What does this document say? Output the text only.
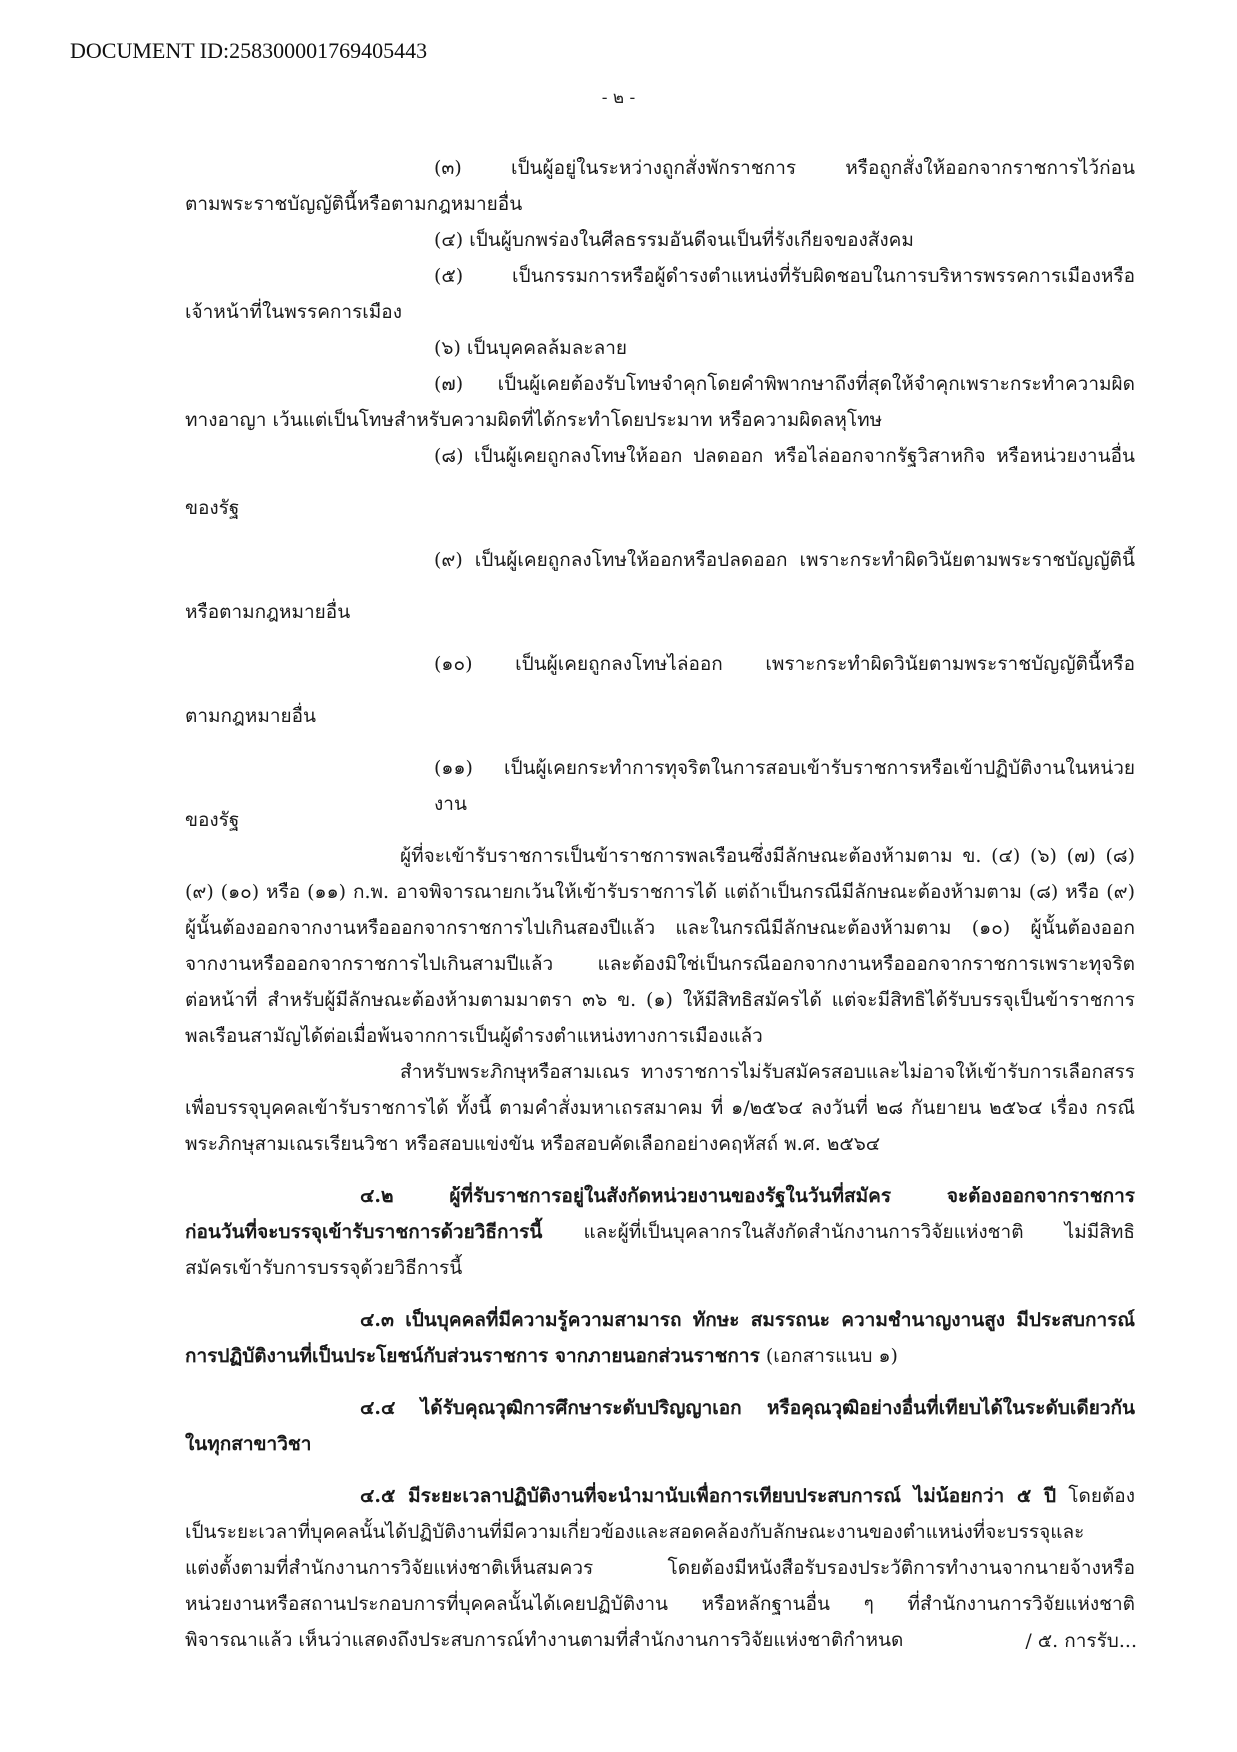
DOCUMENT ID:258300001769405443
- ๒ -
(๓) เป็นผู้อยู่ในระหว่างถูกสั่งพักราชการ หรือถูกสั่งให้ออกจากราชการไว้ก่อน
ตามพระราชบัญญัตินี้หรือตามกฎหมายอื่น
(๔) เป็นผู้บกพร่องในศีลธรรมอันดีจนเป็นที่รังเกียจของสังคม
(๕) เป็นกรรมการหรือผู้ดำรงตำแหน่งที่รับผิดชอบในการบริหารพรรคการเมืองหรือ
เจ้าหน้าที่ในพรรคการเมือง
(๖) เป็นบุคคลล้มละลาย
(๗) เป็นผู้เคยต้องรับโทษจำคุกโดยคำพิพากษาถึงที่สุดให้จำคุกเพราะกระทำความผิด
ทางอาญา เว้นแต่เป็นโทษสำหรับความผิดที่ได้กระทำโดยประมาท หรือความผิดลหุโทษ
(๘) เป็นผู้เคยถูกลงโทษให้ออก ปลดออก หรือไล่ออกจากรัฐวิสาหกิจ หรือหน่วยงานอื่น
ของรัฐ
(๙) เป็นผู้เคยถูกลงโทษให้ออกหรือปลดออก เพราะกระทำผิดวินัยตามพระราชบัญญัตินี้
หรือตามกฎหมายอื่น
(๑๐) เป็นผู้เคยถูกลงโทษไล่ออก เพราะกระทำผิดวินัยตามพระราชบัญญัตินี้หรือ
ตามกฎหมายอื่น
(๑๑) เป็นผู้เคยกระทำการทุจริตในการสอบเข้ารับราชการหรือเข้าปฏิบัติงานในหน่วยงาน
ของรัฐ
ผู้ที่จะเข้ารับราชการเป็นข้าราชการพลเรือนซึ่งมีลักษณะต้องห้ามตาม ข. (๔) (๖) (๗) (๘)
(๙) (๑๐) หรือ (๑๑) ก.พ. อาจพิจารณายกเว้นให้เข้ารับราชการได้ แต่ถ้าเป็นกรณีมีลักษณะต้องห้ามตาม (๘) หรือ (๙)
ผู้นั้นต้องออกจากงานหรือออกจากราชการไปเกินสองปีแล้ว และในกรณีมีลักษณะต้องห้ามตาม (๑๐) ผู้นั้นต้องออก
จากงานหรือออกจากราชการไปเกินสามปีแล้ว และต้องมิใช่เป็นกรณีออกจากงานหรือออกจากราชการเพราะทุจริต
ต่อหน้าที่ สำหรับผู้มีลักษณะต้องห้ามตามมาตรา ๓๖ ข. (๑) ให้มีสิทธิสมัครได้ แต่จะมีสิทธิได้รับบรรจุเป็นข้าราชการ
พลเรือนสามัญได้ต่อเมื่อพ้นจากการเป็นผู้ดำรงตำแหน่งทางการเมืองแล้ว
สำหรับพระภิกษุหรือสามเณร ทางราชการไม่รับสมัครสอบและไม่อาจให้เข้ารับการเลือกสรร
เพื่อบรรจุบุคคลเข้ารับราชการได้ ทั้งนี้ ตามคำสั่งมหาเถรสมาคม ที่ ๑/๒๕๖๔ ลงวันที่ ๒๘ กันยายน ๒๕๖๔ เรื่อง กรณี
พระภิกษุสามเณรเรียนวิชา หรือสอบแข่งขัน หรือสอบคัดเลือกอย่างคฤหัสถ์ พ.ศ. ๒๕๖๔
๔.๒ ผู้ที่รับราชการอยู่ในสังกัดหน่วยงานของรัฐในวันที่สมัคร จะต้องออกจากราชการ
ก่อนวันที่จะบรรจุเข้ารับราชการด้วยวิธีการนี้ และผู้ที่เป็นบุคลากรในสังกัดสำนักงานการวิจัยแห่งชาติ ไม่มีสิทธิ
สมัครเข้ารับการบรรจุด้วยวิธีการนี้
๔.๓ เป็นบุคคลที่มีความรู้ความสามารถ ทักษะ สมรรถนะ ความชำนาญงานสูง มีประสบการณ์
การปฏิบัติงานที่เป็นประโยชน์กับส่วนราชการ จากภายนอกส่วนราชการ (เอกสารแนบ ๑)
๔.๔ ได้รับคุณวุฒิการศึกษาระดับปริญญาเอก หรือคุณวุฒิอย่างอื่นที่เทียบได้ในระดับเดียวกัน
ในทุกสาขาวิชา
๔.๕ มีระยะเวลาปฏิบัติงานที่จะนำมานับเพื่อการเทียบประสบการณ์ ไม่น้อยกว่า ๕ ปี โดยต้อง
เป็นระยะเวลาที่บุคคลนั้นได้ปฏิบัติงานที่มีความเกี่ยวข้องและสอดคล้องกับลักษณะงานของตำแหน่งที่จะบรรจุและ
แต่งตั้งตามที่สำนักงานการวิจัยแห่งชาติเห็นสมควร โดยต้องมีหนังสือรับรองประวัติการทำงานจากนายจ้างหรือ
หน่วยงานหรือสถานประกอบการที่บุคคลนั้นได้เคยปฏิบัติงาน หรือหลักฐานอื่น ๆ ที่สำนักงานการวิจัยแห่งชาติ
พิจารณาแล้ว เห็นว่าแสดงถึงประสบการณ์ทำงานตามที่สำนักงานการวิจัยแห่งชาติกำหนด	/ ๕. การรับ...
